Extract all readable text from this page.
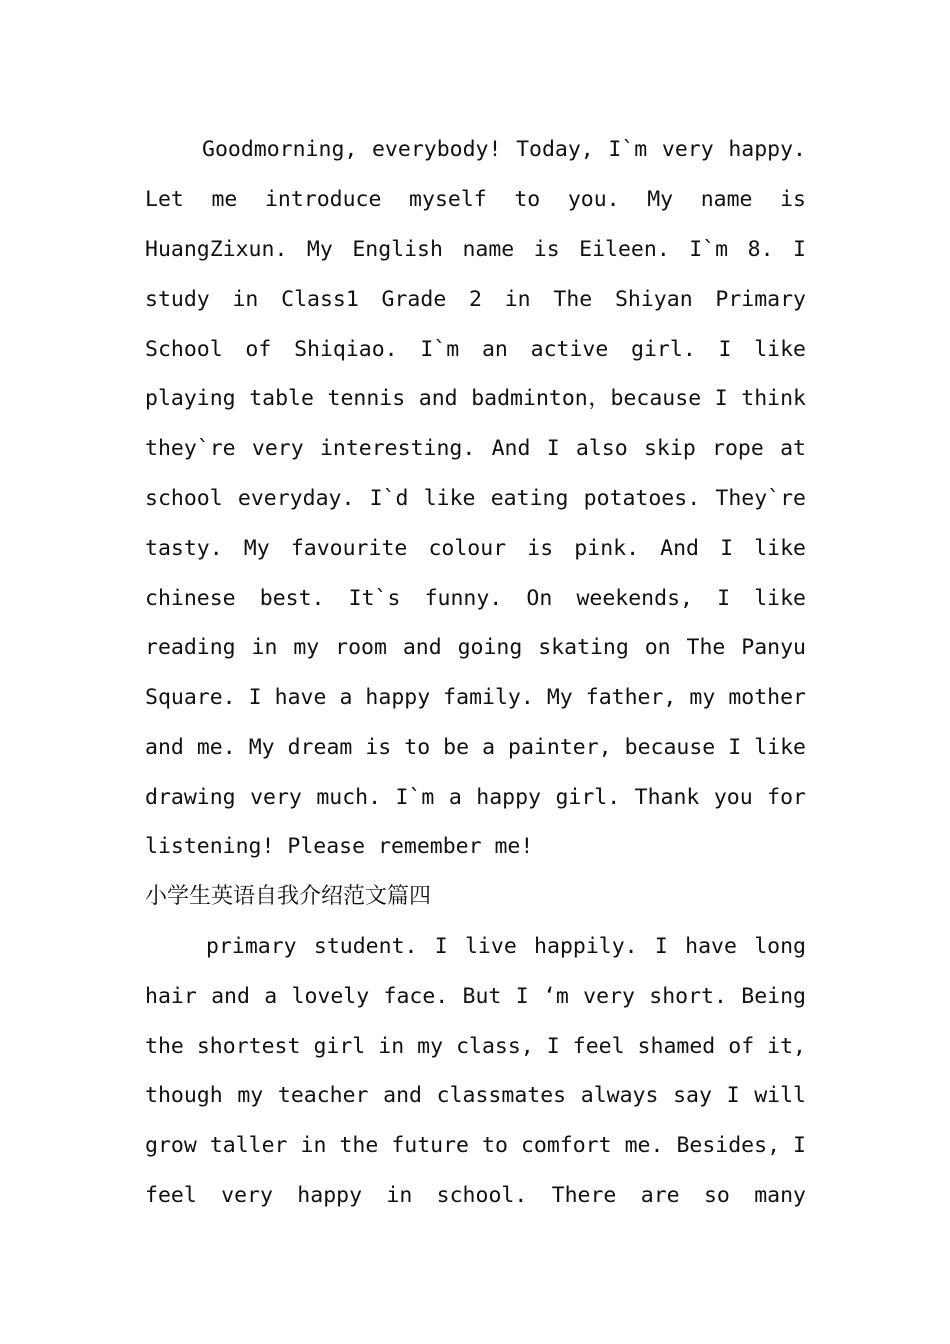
Goodmorning, everybody! Today, I`m very happy.
Let me introduce myself to you. My name is
HuangZixun. My English name is Eileen. I`m 8. I
study in Class1 Grade 2 in The Shiyan Primary
School of Shiqiao. I`m an active girl. I like
playing table tennis and badminton，because I think
they`re very interesting. And I also skip rope at
school everyday. I`d like eating potatoes. They`re
tasty. My favourite colour is pink. And I like
chinese best. It`s funny. On weekends, I like
reading in my room and going skating on The Panyu
Square. I have a happy family. My father, my mother
and me. My dream is to be a painter, because I like
drawing very much. I`m a happy girl. Thank you for
listening! Please remember me!
小学生英语自我介绍范文篇四
primary student. I live happily. I have long
hair and a lovely face. But I ‘m very short. Being
the shortest girl in my class, I feel shamed of it,
though my teacher and classmates always say I will
grow taller in the future to comfort me. Besides, I
feel very happy in school. There are so many
